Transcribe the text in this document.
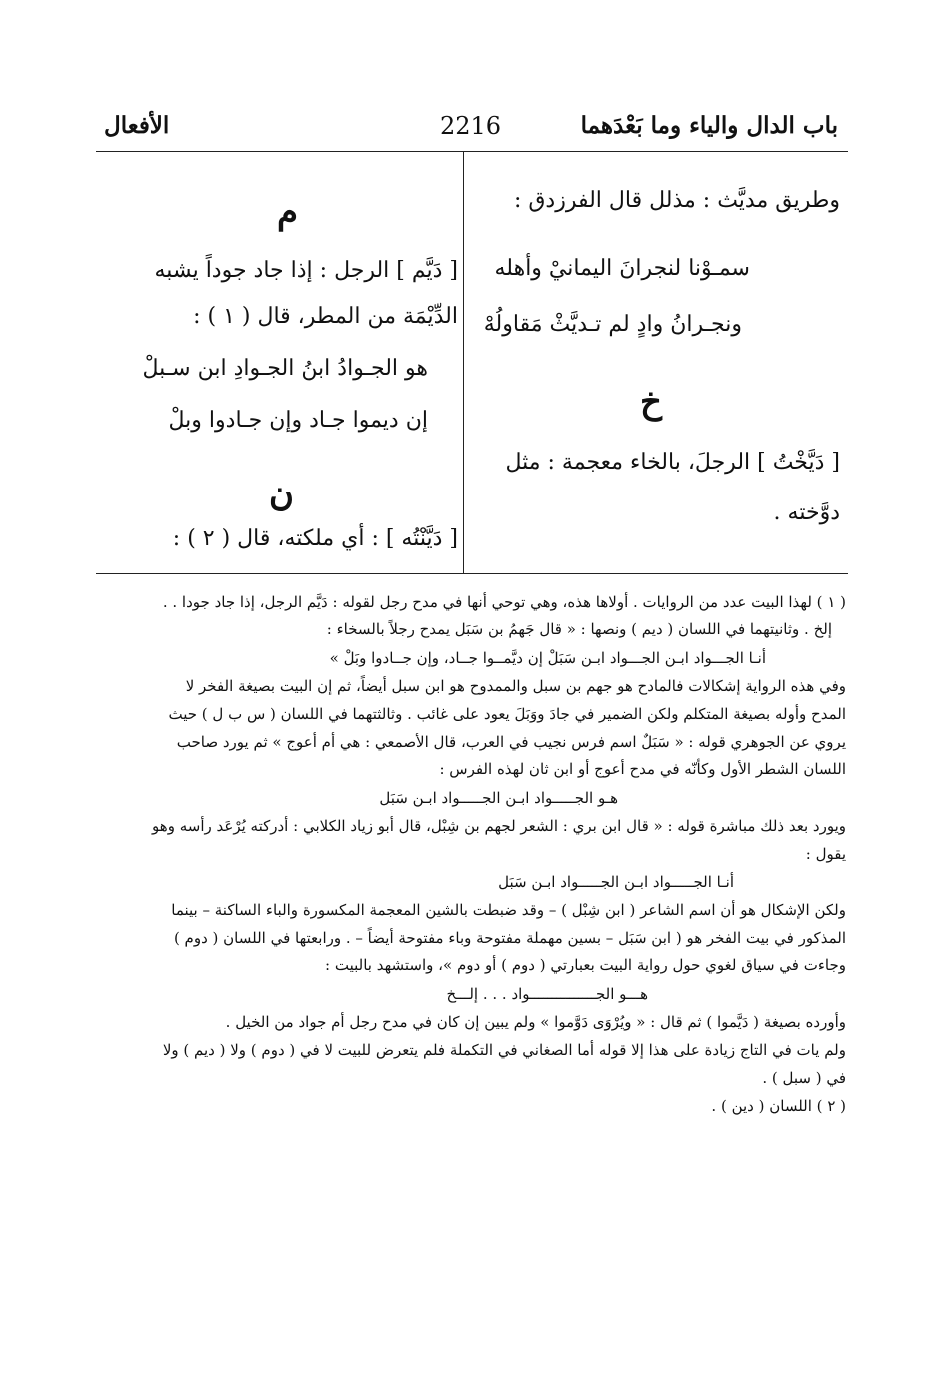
باب الدال والياء وما بَعْدَهما
2216
الأفعال
وطريق مديَّث : مذلل قال الفرزدق :
سمـوْنا لنجرانَ اليمانيْ وأهله
ونجـرانُ وادٍ لم تـديَّثْ مَقاولُهْ
خ
[ دَيَّخْتُ ] الرجلَ، بالخاء معجمة : مثل
دوَّخته .
م
[ دَيَّم ] الرجل : إذا جاد جوداً يشبه
الدِّيْمَة من المطر، قال ( ١ ) :
هو الجـوادُ ابنُ الجـوادِ ابن سـبلْ
إن ديموا جـاد وإن جـادوا وبلْ
ن
[ دَيَّنْتُه ] : أي ملكته، قال ( ٢ ) :
( ١ ) لهذا البيت عدد من الروايات . أولاها هذه، وهي توحي أنها في مدح رجل لقوله : دَيَّم الرجل، إذا جاد جودا . .
إلخ . وثانيتهما في اللسان ( ديم ) ونصها : « قال جَهمُ بن سَبَل يمدح رجلاً بالسخاء :
أنـا الجـــواد ابـن الجـــواد ابـن سَبَلْ إن ديَّمــوا جــاد، وإن جــادوا وبَلْ »
وفي هذه الرواية إشكالات فالمادح هو جهم بن سبل والممدوح هو ابن سبل أيضاً، ثم إن البيت بصيغة الفخر لا
المدح وأوله بصيغة المتكلم ولكن الضمير في جادَ ووَبَلَ يعود على غائب . وثالثتهما في اللسان ( س ب ل ) حيث
يروي عن الجوهري قوله : « سَبَلٌ اسم فرس نجيب في العرب، قال الأصمعي : هي أم أعوج » ثم يورد صاحب
اللسان الشطر الأول وكأنّه في مدح أعوج أو ابن ثان لهذه الفرس :
هـو الجـــــواد ابـن الجـــــواد ابـن سَبَل
ويورد بعد ذلك مباشرة قوله : « قال ابن بري : الشعر لجهم بن شِبْل، قال أبو زياد الكلابي : أدركته يُرْعَد رأسه وهو
يقول :
أنـا الجـــــواد ابـن الجـــــواد ابـن سَبَل
ولكن الإشكال هو أن اسم الشاعر ( ابن شِبْل ) – وقد ضبطت بالشين المعجمة المكسورة والباء الساكنة – بينما
المذكور في بيت الفخر هو ( ابن سَبَل – بسين مهملة مفتوحة وباء مفتوحة أيضاً – . ورابعتها في اللسان ( دوم )
وجاءت في سياق لغوي حول رواية البيت بعبارتي ( دوم ) أو دوم »، واستشهد بالبيت :
هـــو الجـــــــــــــــواد . . . إلـــخ
وأورده بصيغة ( دَيَّموا ) ثم قال : « ويُرْوَى دَوَّموا » ولم يبين إن كان في مدح رجل أم جواد من الخيل .
ولم يات في التاج زيادة على هذا إلا قوله أما الصغاني في التكملة فلم يتعرض للبيت لا في ( دوم ) ولا ( ديم ) ولا
في ( سبل ) .
( ٢ ) اللسان ( دين ) .
